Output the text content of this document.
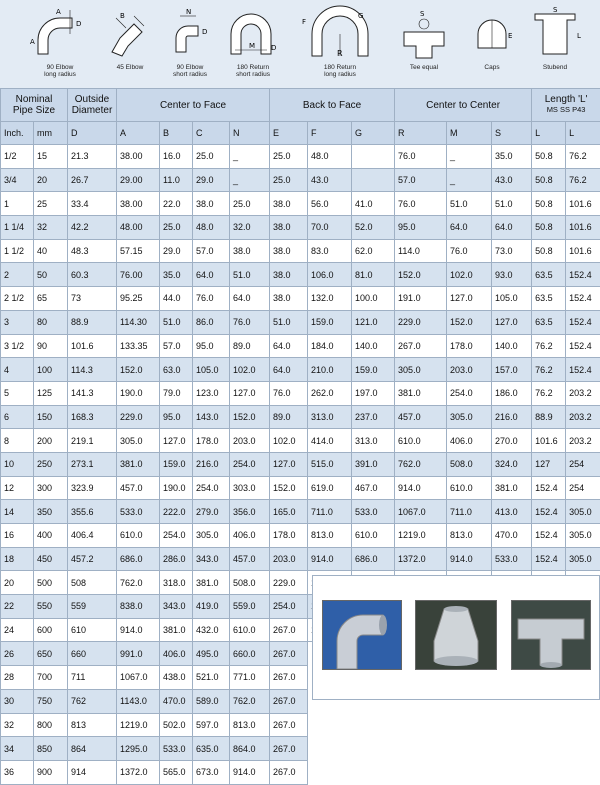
D
A
A
90 Elbow
long radius
B
45 Elbow
N
D
90 Elbow
short radius
M D
180 Return
short radius
R
F
G
180 Return
long radius
S
Tee equal
E
Caps
S
L
Stubend
Nominal
Pipe Size		Outside
Diameter	Center to Face				Back to Face			Center to Center			Length 'L'
MS SS P43	
Inch.	mm	D	A	B	C	N	E	F	G	R	M	S	L	L
1/2	15	21.3	38.00	16.0	25.0	_	25.0	48.0		76.0	_	35.0	50.8	76.2
3/4	20	26.7	29.00	11.0	29.0	_	25.0	43.0		57.0	_	43.0	50.8	76.2
1	25	33.4	38.00	22.0	38.0	25.0	38.0	56.0	41.0	76.0	51.0	51.0	50.8	101.6
1 1/4	32	42.2	48.00	25.0	48.0	32.0	38.0	70.0	52.0	95.0	64.0	64.0	50.8	101.6
1 1/2	40	48.3	57.15	29.0	57.0	38.0	38.0	83.0	62.0	114.0	76.0	73.0	50.8	101.6
2	50	60.3	76.00	35.0	64.0	51.0	38.0	106.0	81.0	152.0	102.0	93.0	63.5	152.4
2 1/2	65	73	95.25	44.0	76.0	64.0	38.0	132.0	100.0	191.0	127.0	105.0	63.5	152.4
3	80	88.9	114.30	51.0	86.0	76.0	51.0	159.0	121.0	229.0	152.0	127.0	63.5	152.4
3 1/2	90	101.6	133.35	57.0	95.0	89.0	64.0	184.0	140.0	267.0	178.0	140.0	76.2	152.4
4	100	114.3	152.0	63.0	105.0	102.0	64.0	210.0	159.0	305.0	203.0	157.0	76.2	152.4
5	125	141.3	190.0	79.0	123.0	127.0	76.0	262.0	197.0	381.0	254.0	186.0	76.2	203.2
6	150	168.3	229.0	95.0	143.0	152.0	89.0	313.0	237.0	457.0	305.0	216.0	88.9	203.2
8	200	219.1	305.0	127.0	178.0	203.0	102.0	414.0	313.0	610.0	406.0	270.0	101.6	203.2
10	250	273.1	381.0	159.0	216.0	254.0	127.0	515.0	391.0	762.0	508.0	324.0	127	254
12	300	323.9	457.0	190.0	254.0	303.0	152.0	619.0	467.0	914.0	610.0	381.0	152.4	254
14	350	355.6	533.0	222.0	279.0	356.0	165.0	711.0	533.0	1067.0	711.0	413.0	152.4	305.0
16	400	406.4	610.0	254.0	305.0	406.0	178.0	813.0	610.0	1219.0	813.0	470.0	152.4	305.0
18	450	457.2	686.0	286.0	343.0	457.0	203.0	914.0	686.0	1372.0	914.0	533.0	152.4	305.0
20	500	508	762.0	318.0	381.0	508.0	229.0							
22	550	559	838.0	343.0	419.0	559.0	254.0							
24	600	610	914.0	381.0	432.0	610.0	267.0							
26	650	660	991.0	406.0	495.0	660.0	267.0							
28	700	711	1067.0	438.0	521.0	771.0	267.0							
30	750	762	1143.0	470.0	589.0	762.0	267.0							
32	800	813	1219.0	502.0	597.0	813.0	267.0							
34	850	864	1295.0	533.0	635.0	864.0	267.0							
36	900	914	1372.0	565.0	673.0	914.0	267.0							
